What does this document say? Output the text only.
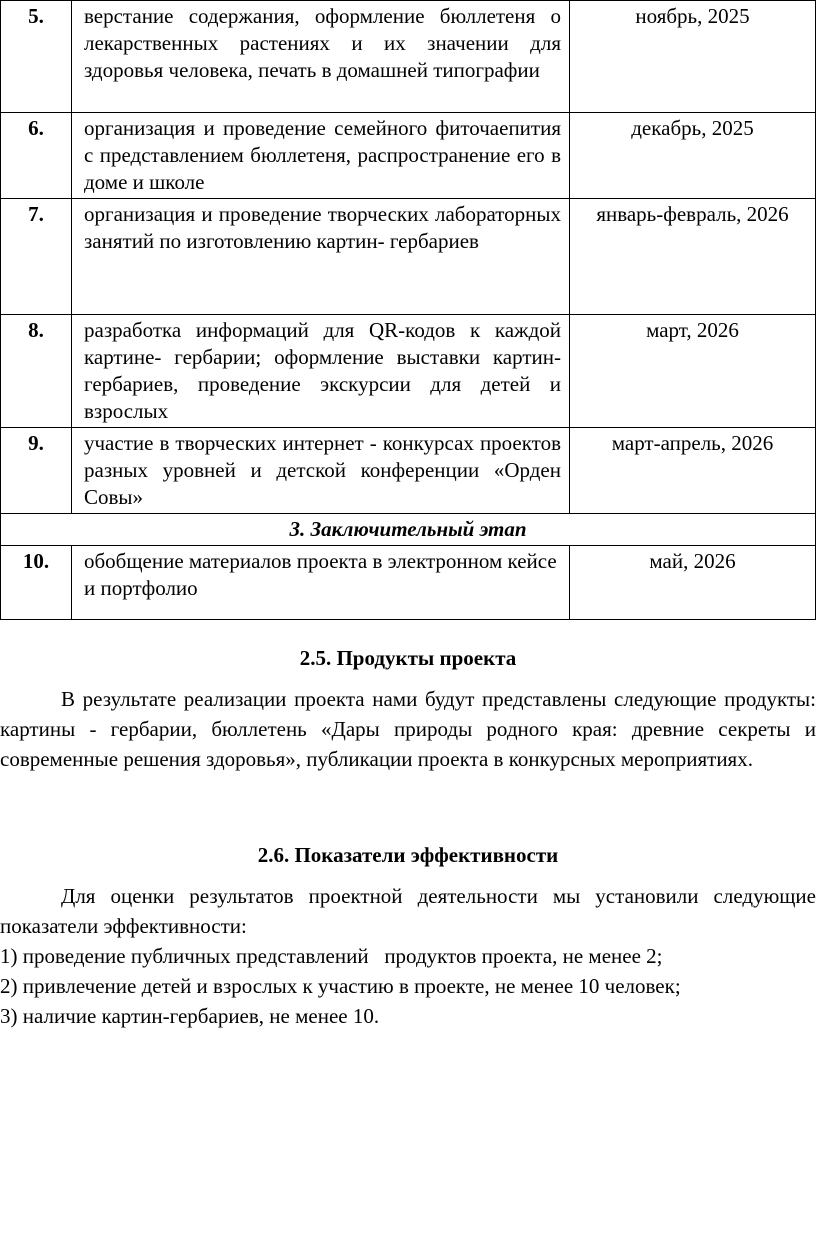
5.	верстание содержания, оформление бюллетеня о лекарственных растениях и их значении для здоровья человека, печать в домашней типографии	ноябрь, 2025
6.	организация и проведение семейного фиточаепития с представлением бюллетеня, распространение его в доме и школе	декабрь, 2025
7.	организация и проведение творческих лабораторных занятий по изготовлению картин- гербариев	январь-февраль, 2026
8.	разработка информаций для QR-кодов к каждой картине- гербарии; оформление выставки картин-гербариев, проведение экскурсии для детей и взрослых	март, 2026
9.	участие в творческих интернет - конкурсах проектов разных уровней и детской конференции «Орден Совы»	март-апрель, 2026
3. Заключительный этап		
10.	обобщение материалов проекта в электронном кейсе и портфолио	май, 2026
2.5. Продукты проекта
В результате реализации проекта нами будут представлены следующие продукты: картины - гербарии, бюллетень «Дары природы родного края: древние секреты и современные решения здоровья», публикации проекта в конкурсных мероприятиях.
2.6. Показатели эффективности
Для оценки результатов проектной деятельности мы установили следующие показатели эффективности:
1) проведение публичных представлений   продуктов проекта, не менее 2;
2) привлечение детей и взрослых к участию в проекте, не менее 10 человек;
3) наличие картин-гербариев, не менее 10.
